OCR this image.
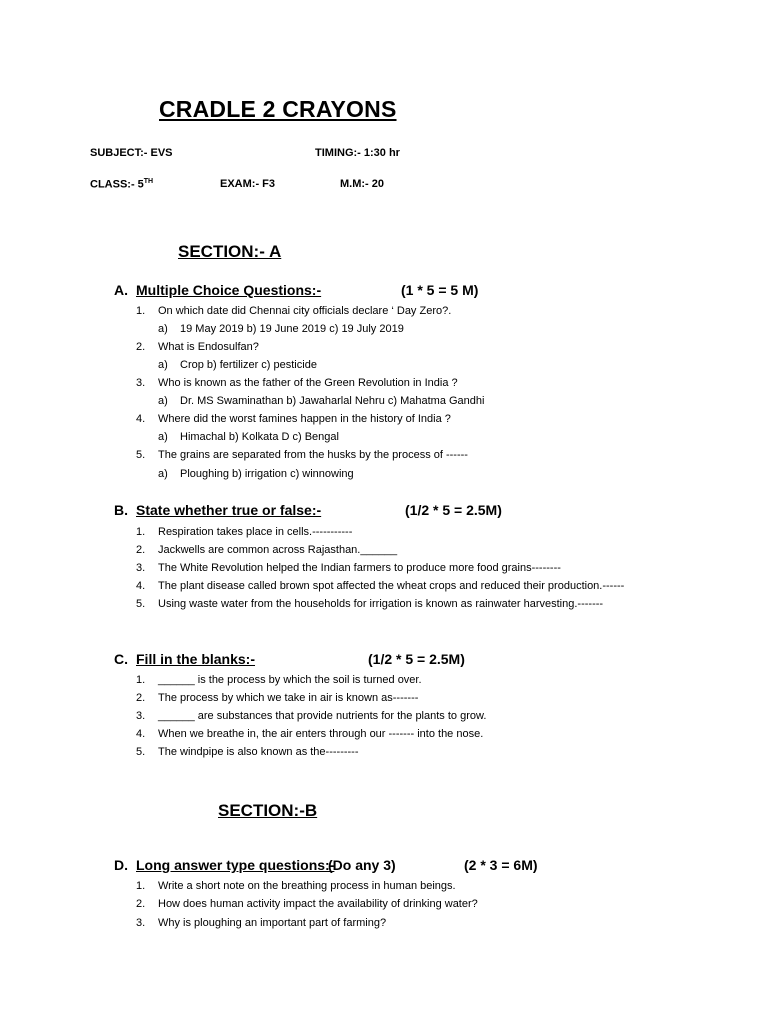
CRADLE 2 CRAYONS
SUBJECT:- EVS	TIMING:- 1:30 hr
CLASS:- 5TH	EXAM:- F3	M.M:- 20
SECTION:- A
A. Multiple Choice Questions:-	(1 * 5 = 5 M)
1. On which date did Chennai city officials declare ‘ Day Zero?.
a) 19 May 2019 b) 19 June 2019 c) 19 July 2019
2. What is Endosulfan?
a) Crop b) fertilizer c) pesticide
3. Who is known as the father of the Green Revolution in India ?
a) Dr. MS Swaminathan b) Jawaharlal Nehru c) Mahatma Gandhi
4. Where did the worst famines happen in the history of India ?
a) Himachal b) Kolkata D c) Bengal
5. The grains are separated from the husks by the process of ------
a) Ploughing b) irrigation c) winnowing
B. State whether true or false:-	(1/2 * 5 = 2.5M)
1. Respiration takes place in cells.-----------
2. Jackwells are common across Rajasthan.______
3. The White Revolution helped the Indian farmers to produce more food grains--------
4. The plant disease called brown spot affected the wheat crops and reduced their production.------
5. Using waste water from the households for irrigation is known as rainwater harvesting.-------
C. Fill in the blanks:-	(1/2 * 5 = 2.5M)
1. ______ is the process by which the soil is turned over.
2. The process by which we take in air is known as-------
3. ______ are substances that provide nutrients for the plants to grow.
4. When we breathe in, the air enters through our ------- into the nose.
5. The windpipe is also known as the---------
SECTION:-B
D. Long answer type questions:-
(Do any 3)	(2 * 3 = 6M)
1. Write a short note on the breathing process in human beings.
2. How does human activity impact the availability of drinking water?
3. Why is ploughing an important part of farming?
